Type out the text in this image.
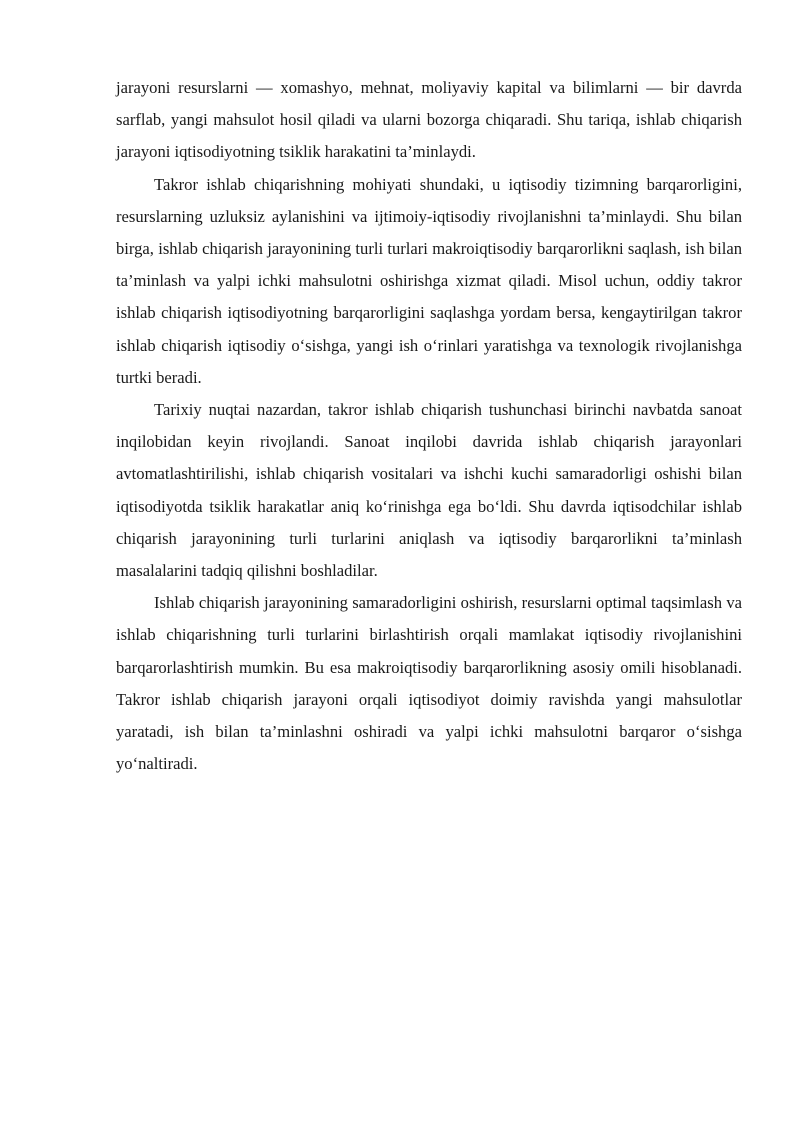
jarayoni resurslarni — xomashyo, mehnat, moliyaviy kapital va bilimlarni — bir davrda sarflab, yangi mahsulot hosil qiladi va ularni bozorga chiqaradi. Shu tariqa, ishlab chiqarish jarayoni iqtisodiyotning tsiklik harakatini ta’minlaydi.

Takror ishlab chiqarishning mohiyati shundaki, u iqtisodiy tizimning barqarorligini, resurslarning uzluksiz aylanishini va ijtimoiy-iqtisodiy rivojlanishni ta’minlaydi. Shu bilan birga, ishlab chiqarish jarayonining turli turlari makroiqtisodiy barqarorlikni saqlash, ish bilan ta’minlash va yalpi ichki mahsulotni oshirishga xizmat qiladi. Misol uchun, oddiy takror ishlab chiqarish iqtisodiyotning barqarorligini saqlashga yordam bersa, kengaytirilgan takror ishlab chiqarish iqtisodiy o‘sishga, yangi ish o‘rinlari yaratishga va texnologik rivojlanishga turtki beradi.

Tarixiy nuqtai nazardan, takror ishlab chiqarish tushunchasi birinchi navbatda sanoat inqilobidan keyin rivojlandi. Sanoat inqilobi davrida ishlab chiqarish jarayonlari avtomatlashtirilishi, ishlab chiqarish vositalari va ishchi kuchi samaradorligi oshishi bilan iqtisodiyotda tsiklik harakatlar aniq ko‘rinishga ega bo‘ldi. Shu davrda iqtisodchilar ishlab chiqarish jarayonining turli turlarini aniqlash va iqtisodiy barqarorlikni ta’minlash masalalarini tadqiq qilishni boshladilar.

Ishlab chiqarish jarayonining samaradorligini oshirish, resurslarni optimal taqsimlash va ishlab chiqarishning turli turlarini birlashtirish orqali mamlakat iqtisodiy rivojlanishini barqarorlashtirish mumkin. Bu esa makroiqtisodiy barqarorlikning asosiy omili hisoblanadi. Takror ishlab chiqarish jarayoni orqali iqtisodiyot doimiy ravishda yangi mahsulotlar yaratadi, ish bilan ta’minlashni oshiradi va yalpi ichki mahsulotni barqaror o‘sishga yo‘naltiradi.
